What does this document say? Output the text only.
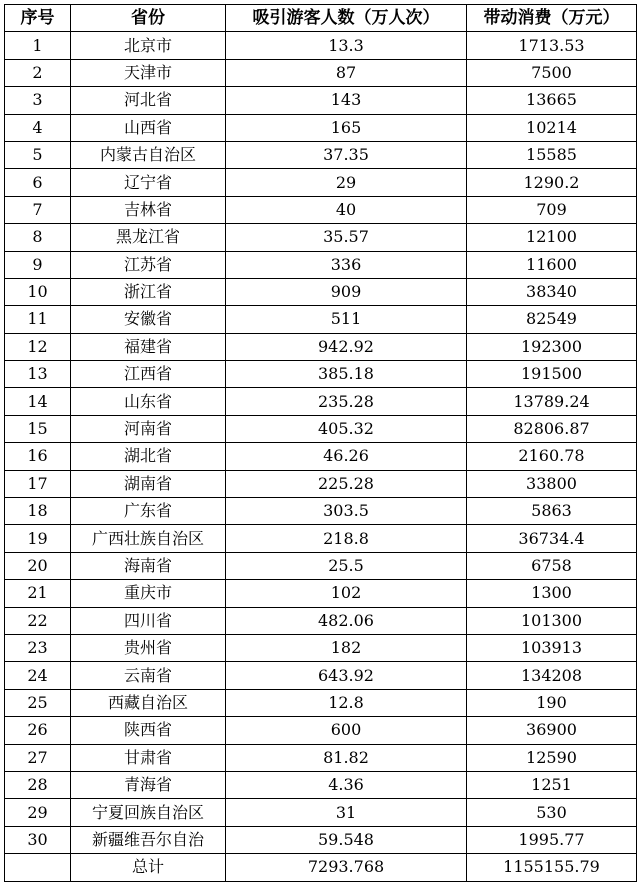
序号	省份	吸引游客人数（万人次）	带动消费（万元）
1	北京市	13.3	1713.53
2	天津市	87	7500
3	河北省	143	13665
4	山西省	165	10214
5	内蒙古自治区	37.35	15585
6	辽宁省	29	1290.2
7	吉林省	40	709
8	黑龙江省	35.57	12100
9	江苏省	336	11600
10	浙江省	909	38340
11	安徽省	511	82549
12	福建省	942.92	192300
13	江西省	385.18	191500
14	山东省	235.28	13789.24
15	河南省	405.32	82806.87
16	湖北省	46.26	2160.78
17	湖南省	225.28	33800
18	广东省	303.5	5863
19	广西壮族自治区	218.8	36734.4
20	海南省	25.5	6758
21	重庆市	102	1300
22	四川省	482.06	101300
23	贵州省	182	103913
24	云南省	643.92	134208
25	西藏自治区	12.8	190
26	陕西省	600	36900
27	甘肃省	81.82	12590
28	青海省	4.36	1251
29	宁夏回族自治区	31	530
30	新疆维吾尔自治	59.548	1995.77
	总计	7293.768	1155155.79
